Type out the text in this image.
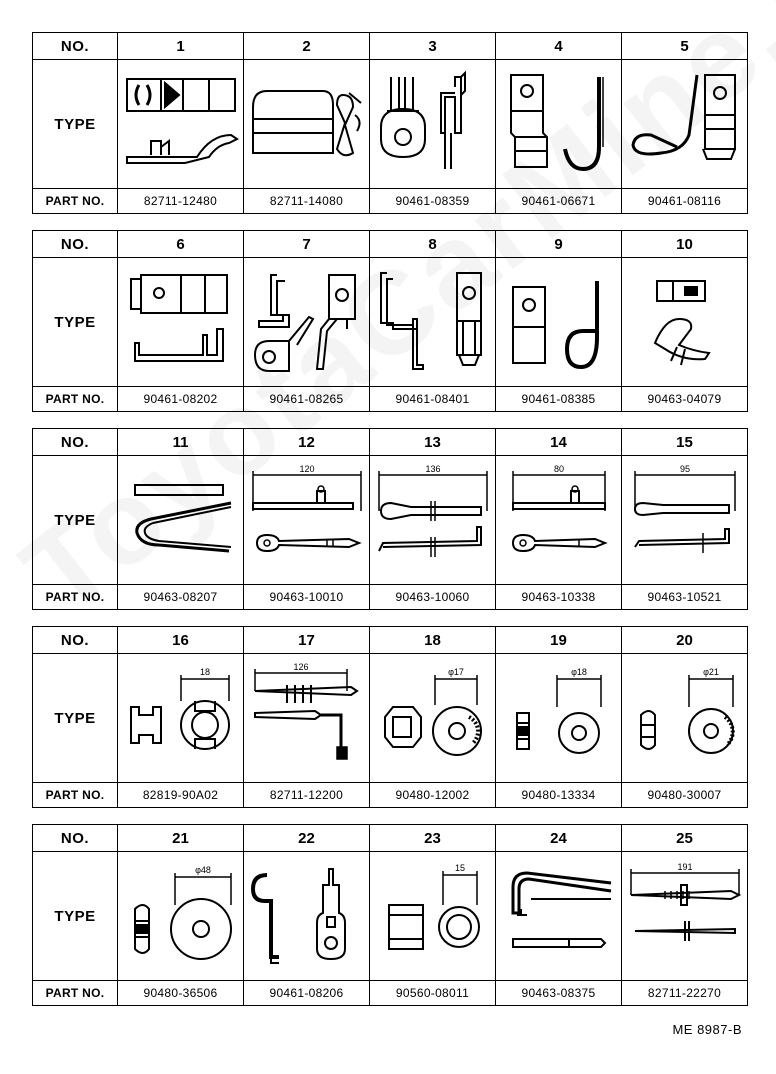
NO.	1	2	3	4	5
TYPE	

PART NO.	82711-12480	82711-14080	90461-08359	90461-06671	90461-08116
NO.	6	7	8	9	10
TYPE	

PART NO.	90461-08202	90461-08265	90461-08401	90461-08385	90463-04079
NO.	11	12	13	14	15
TYPE		120	136	80	95

PART NO.	90463-08207	90463-10010	90463-10060	90463-10338	90463-10521
NO.	16	17	18	19	20
TYPE	18	126	φ17	φ18	φ21

PART NO.	82819-90A02	82711-12200	90480-12002	90480-13334	90480-30007
NO.	21	22	23	24	25
TYPE	φ48		15		191

PART NO.	90480-36506	90461-08206	90560-08011	90463-08375	82711-22270
ME 8987-B
